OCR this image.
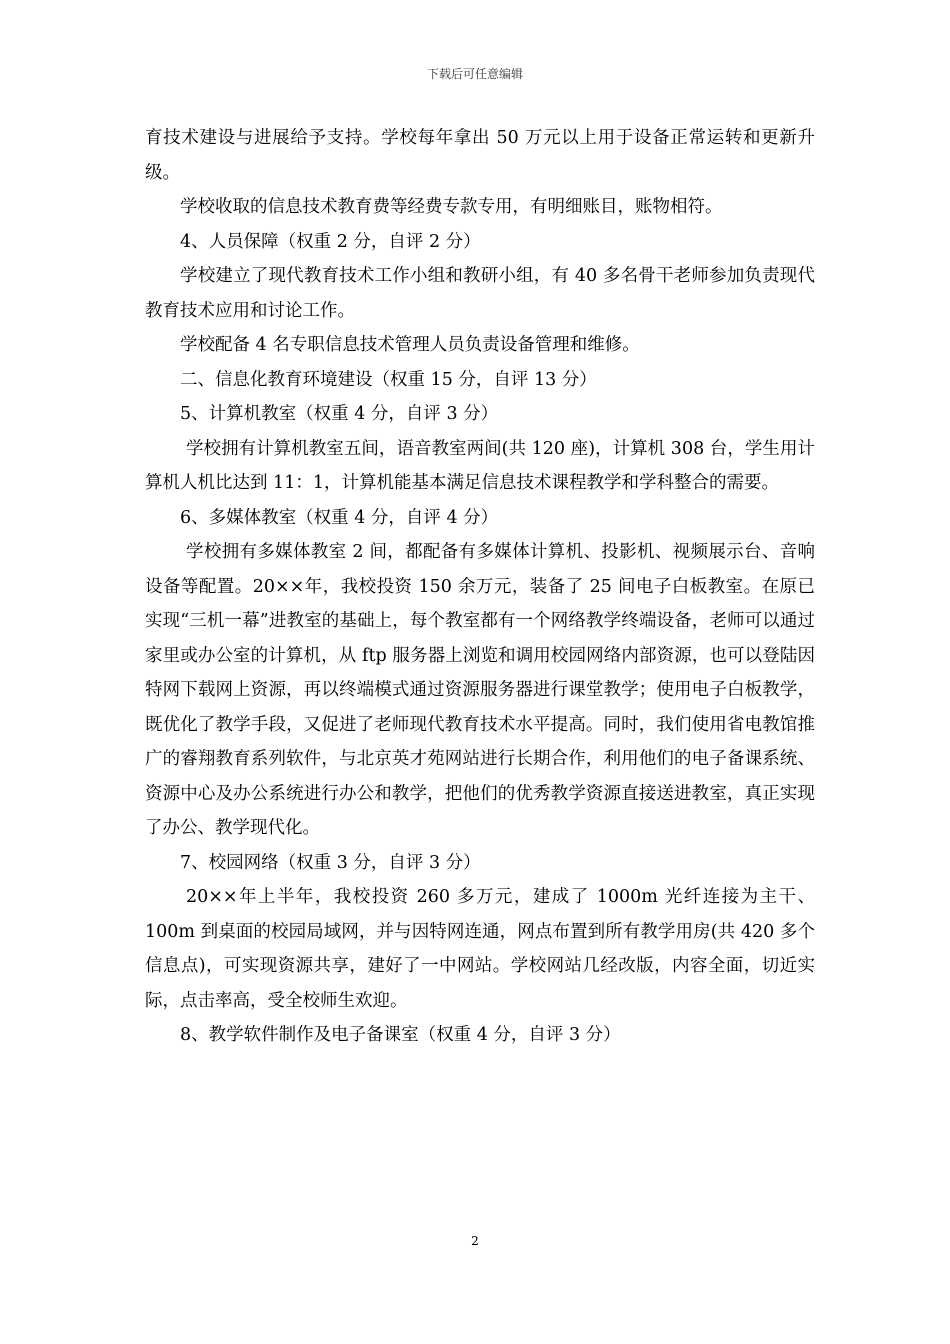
下载后可任意编辑

育技术建设与进展给予支持。学校每年拿出 50 万元以上用于设备正常运转和更新升级。

学校收取的信息技术教育费等经费专款专用，有明细账目，账物相符。

4、人员保障（权重 2 分，自评 2 分）

学校建立了现代教育技术工作小组和教研小组，有 40 多名骨干老师参加负责现代教育技术应用和讨论工作。

学校配备 4 名专职信息技术管理人员负责设备管理和维修。

二、信息化教育环境建设（权重 15 分，自评 13 分）

5、计算机教室（权重 4 分，自评 3 分）

学校拥有计算机教室五间，语音教室两间(共 120 座)，计算机 308 台，学生用计算机人机比达到 11：1，计算机能基本满足信息技术课程教学和学科整合的需要。

6、多媒体教室（权重 4 分，自评 4 分）

学校拥有多媒体教室 2 间，都配备有多媒体计算机、投影机、视频展示台、音响设备等配置。20××年，我校投资 150 余万元，装备了 25 间电子白板教室。在原已实现“三机一幕”进教室的基础上，每个教室都有一个网络教学终端设备，老师可以通过家里或办公室的计算机，从 ftp 服务器上浏览和调用校园网络内部资源，也可以登陆因特网下载网上资源，再以终端模式通过资源服务器进行课堂教学；使用电子白板教学，既优化了教学手段，又促进了老师现代教育技术水平提高。同时，我们使用省电教馆推广的睿翔教育系列软件，与北京英才苑网站进行长期合作，利用他们的电子备课系统、资源中心及办公系统进行办公和教学，把他们的优秀教学资源直接送进教室，真正实现了办公、教学现代化。

7、校园网络（权重 3 分，自评 3 分）

20××年上半年，我校投资 260 多万元，建成了 1000m 光纤连接为主干、100m 到桌面的校园局域网，并与因特网连通，网点布置到所有教学用房(共 420 多个信息点)，可实现资源共享，建好了一中网站。学校网站几经改版，内容全面，切近实际，点击率高，受全校师生欢迎。

8、教学软件制作及电子备课室（权重 4 分，自评 3 分）

2
